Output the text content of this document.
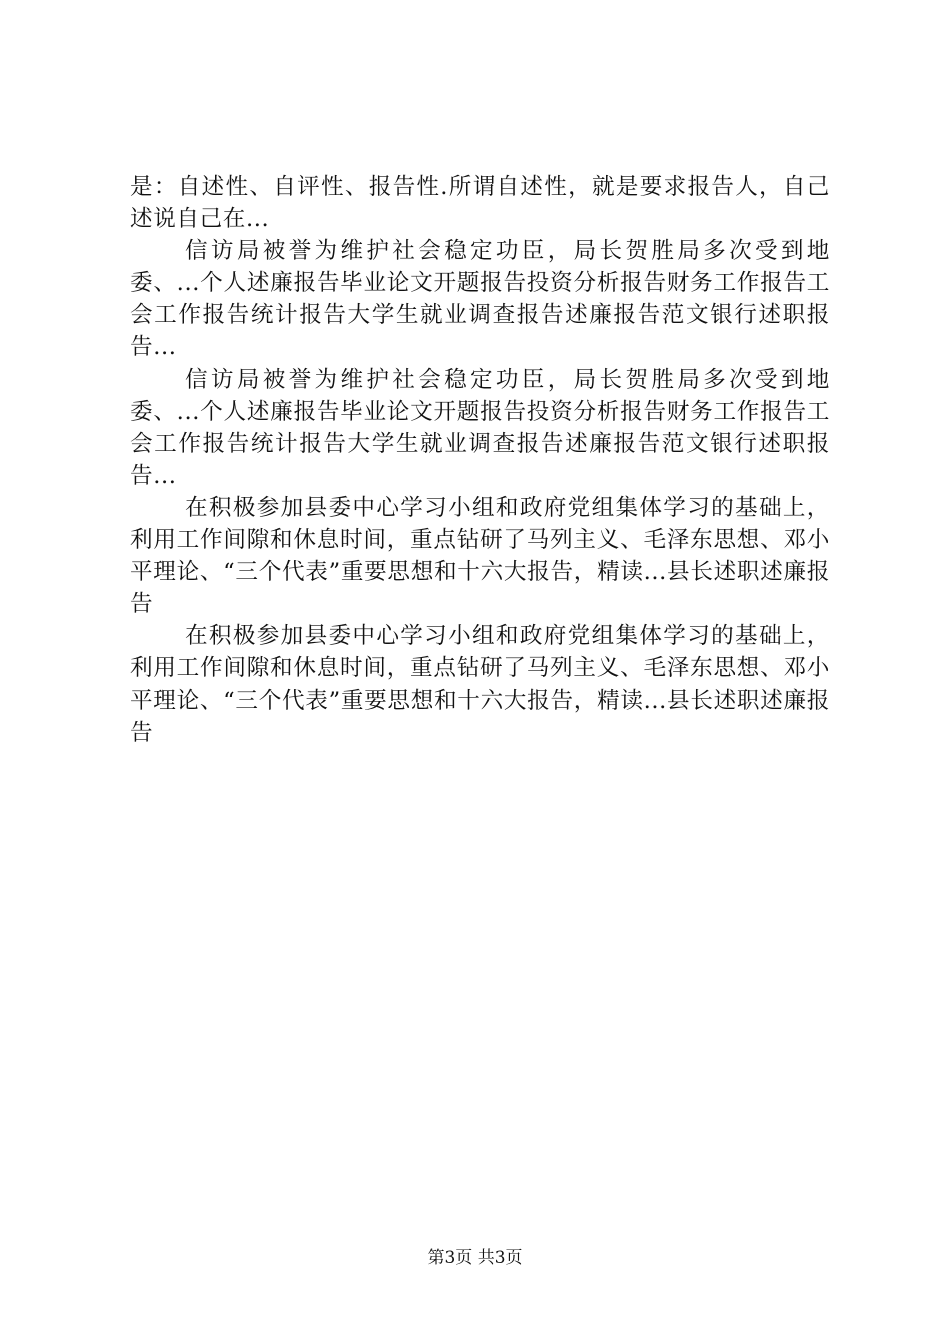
是：自述性、自评性、报告性.所谓自述性，就是要求报告人，自己述说自己在...

信访局被誉为维护社会稳定功臣，局长贺胜局多次受到地委、...个人述廉报告毕业论文开题报告投资分析报告财务工作报告工会工作报告统计报告大学生就业调查报告述廉报告范文银行述职报告...

信访局被誉为维护社会稳定功臣，局长贺胜局多次受到地委、...个人述廉报告毕业论文开题报告投资分析报告财务工作报告工会工作报告统计报告大学生就业调查报告述廉报告范文银行述职报告...

在积极参加县委中心学习小组和政府党组集体学习的基础上，利用工作间隙和休息时间，重点钻研了马列主义、毛泽东思想、邓小平理论、“三个代表”重要思想和十六大报告，精读...县长述职述廉报告

在积极参加县委中心学习小组和政府党组集体学习的基础上，利用工作间隙和休息时间，重点钻研了马列主义、毛泽东思想、邓小平理论、“三个代表”重要思想和十六大报告，精读...县长述职述廉报告

第3页 共3页
